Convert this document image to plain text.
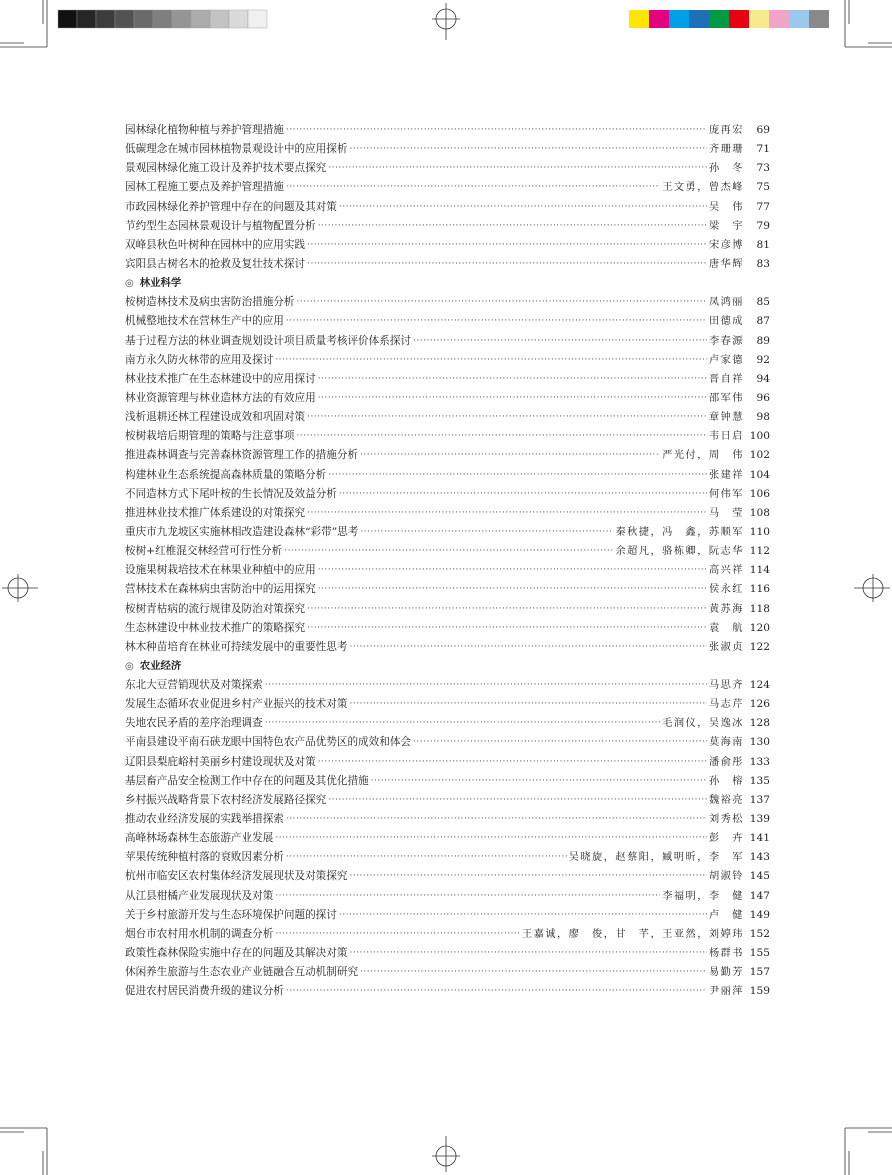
园林绿化植物种植与养护管理措施 ·····	庞再宏	69
低碳理念在城市园林植物景观设计中的应用探析 ·····	齐珊珊	71
景观园林绿化施工设计及养护技术要点探究 ·····	孙　冬	73
园林工程施工要点及养护管理措施 ·····	王文勇，曾杰峰	75
市政园林绿化养护管理中存在的问题及其对策 ·····	吴　伟	77
节约型生态园林景观设计与植物配置分析 ·····	梁　宇	79
双峰县秋色叶树种在园林中的应用实践 ·····	宋彦博	81
宾阳县古树名木的抢救及复壮技术探讨 ·····	唐华辉	83
◎ 林业科学
桉树造林技术及病虫害防治措施分析 ·····	凤鸿丽	85
机械整地技术在营林生产中的应用 ·····	田德成	87
基于过程方法的林业调查规划设计项目质量考核评价体系探讨 ·····	李春源	89
南方永久防火林带的应用及探讨 ·····	卢家德	92
林业技术推广在生态林建设中的应用探讨 ·····	晋自祥	94
林业资源管理与林业造林方法的有效应用 ·····	邵军伟	96
浅析退耕还林工程建设成效和巩固对策 ·····	章钟慧	98
桉树栽培后期管理的策略与注意事项 ·····	韦日启 100
推进森林调查与完善森林资源管理工作的措施分析 ·····	严光付，周　伟 102
构建林业生态系统提高森林质量的策略分析 ·····	张建祥 104
不同造林方式下尾叶桉的生长情况及效益分析 ·····	何伟军 106
推进林业技术推广体系建设的对策探究 ·····	马　莹 108
重庆市九龙坡区实施林相改造建设森林“彩带”思考 ·····	秦秋捷，冯　鑫，苏顺军 110
桉树+红椎混交林经营可行性分析 ·····	余超凡，骆栋卿，阮志华 112
设施果树栽培技术在林果业种植中的应用 ·····	高兴祥 114
营林技术在森林病虫害防治中的运用探究 ·····	侯永红 116
桉树青枯病的流行规律及防治对策探究 ·····	黄苏海 118
生态林建设中林业技术推广的策略探究 ·····	袁　航 120
林木种苗培育在林业可持续发展中的重要性思考 ·····	张淑贞 122
◎ 农业经济
东北大豆营销现状及对策探索 ·····	马思齐 124
发展生态循环农业促进乡村产业振兴的技术对策 ·····	马志芹 126
失地农民矛盾的差序治理调查 ·····	毛润仪，吴逸冰 128
平南县建设平南石硖龙眼中国特色农产品优势区的成效和体会 ·····	莫海南 130
辽阳县梨庇峪村美丽乡村建设现状及对策 ·····	潘俞彤 133
基层畜产品安全检测工作中存在的问题及其优化措施 ·····	孙　榕 135
乡村振兴战略背景下农村经济发展路径探究 ·····	魏裕亮 137
推动农业经济发展的实践举措探索 ·····	刘秀松 139
高峰林场森林生态旅游产业发展 ·····	彭　卉 141
苹果传统种植村落的衰败因素分析 ·····	吴晓旋，赵蔡阳，臧明昕，李　军 143
杭州市临安区农村集体经济发展现状及对策探究 ·····	胡淑铃 145
从江县柑橘产业发展现状及对策 ·····	李福明，李　健 147
关于乡村旅游开发与生态环境保护问题的探讨 ·····	卢　健 149
烟台市农村用水机制的调查分析 ·····	王嘉诚，廖　俊，甘　芊，王亚然，刘婷玮 152
政策性森林保险实施中存在的问题及其解决对策 ·····	杨群书 155
休闲养生旅游与生态农业产业链融合互动机制研究 ·····	易勤芳 157
促进农村居民消费升级的建议分析 ·····	尹丽萍 159
